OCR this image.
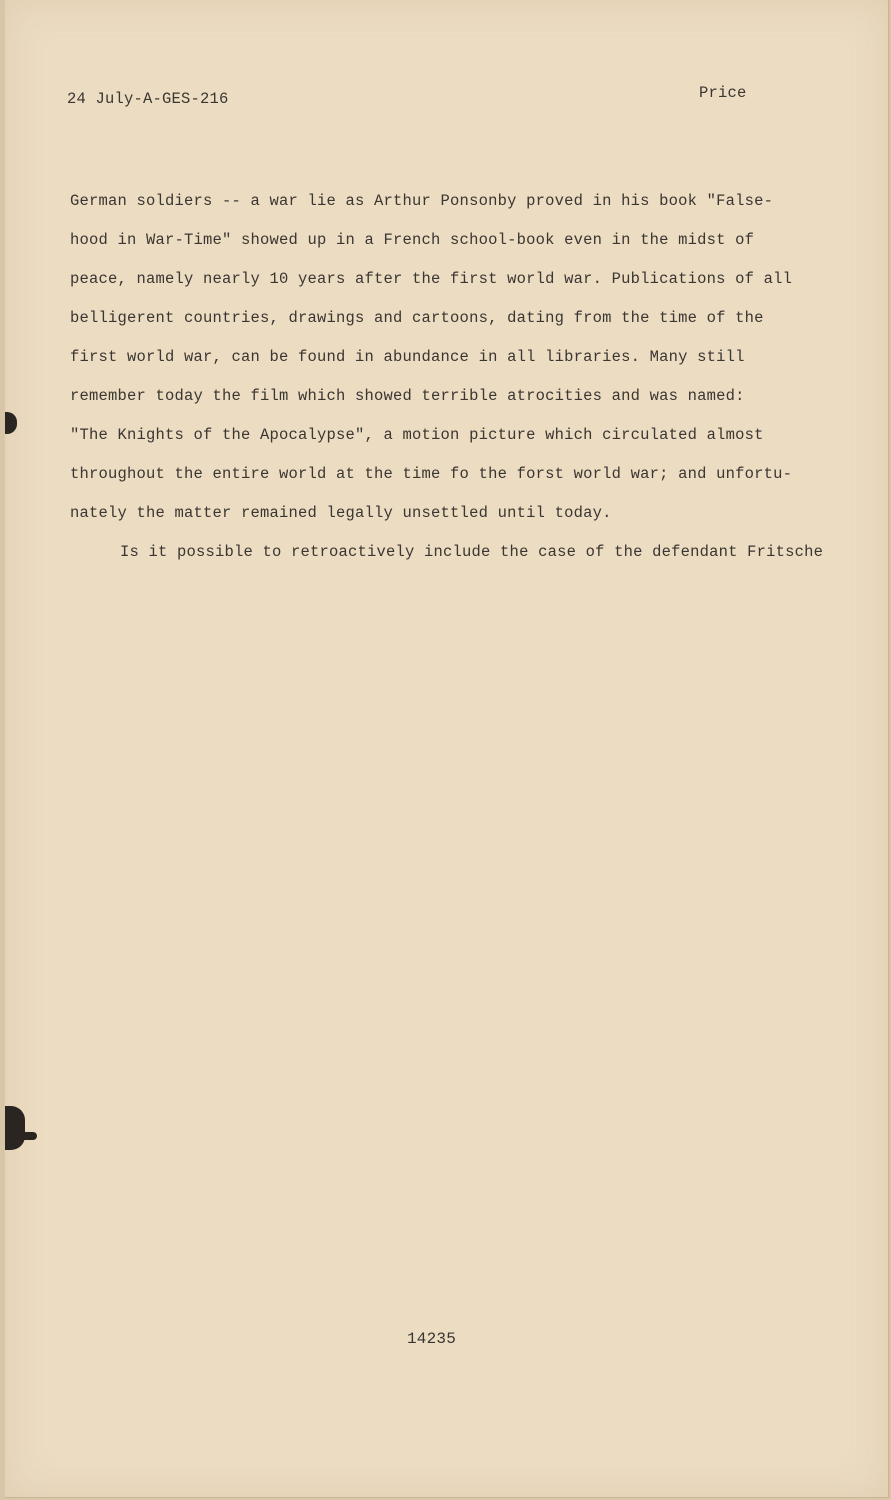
24 July-A-GES-216	Price
German soldiers -- a war lie as Arthur Ponsonby proved in his book "False-
hood in War-Time" showed up in a French school-book even in the midst of
peace, namely nearly 10 years after the first world war. Publications of all
belligerent countries, drawings and cartoons, dating from the time of the
first world war, can be found in abundance in all libraries. Many still
remember today the film which showed terrible atrocities and was named:
"The Knights of the Apocalypse", a motion picture which circulated almost
throughout the entire world at the time fo the forst world war; and unfortu-
nately the matter remained legally unsettled until today.
Is it possible to retroactively include the case of the defendant Fritsche
14235
